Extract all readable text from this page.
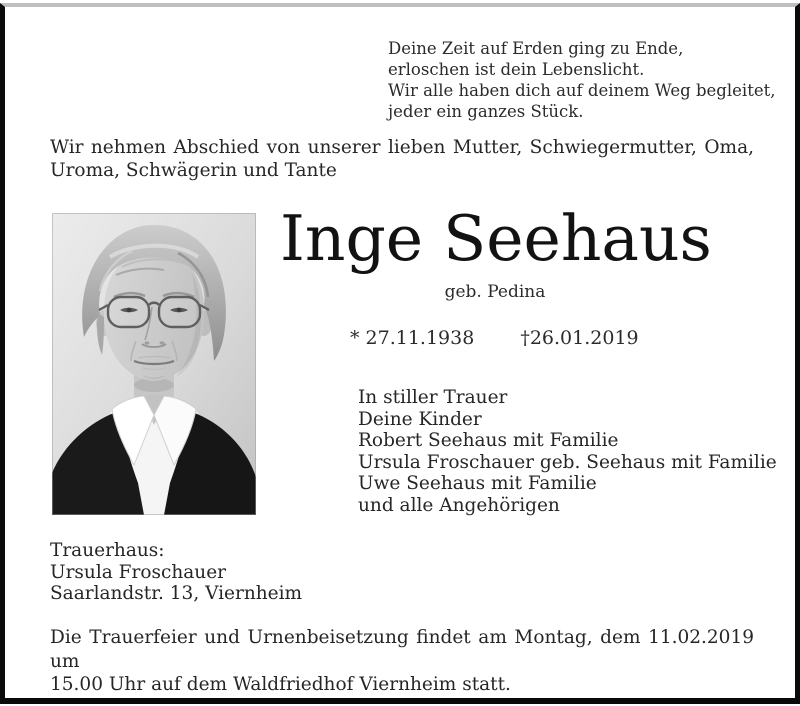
Deine Zeit auf Erden ging zu Ende,
erloschen ist dein Lebenslicht.
Wir alle haben dich auf deinem Weg begleitet,
jeder ein ganzes Stück.
Wir nehmen Abschied von unserer lieben Mutter, Schwiegermutter, Oma,
Uroma, Schwägerin und Tante
Inge Seehaus
geb. Pedina
* 27.11.1938 †26.01.2019
In stiller Trauer
Deine Kinder
Robert Seehaus mit Familie
Ursula Froschauer geb. Seehaus mit Familie
Uwe Seehaus mit Familie
und alle Angehörigen
Trauerhaus:
Ursula Froschauer
Saarlandstr. 13, Viernheim
Die Trauerfeier und Urnenbeisetzung findet am Montag, dem 11.02.2019 um
15.00 Uhr auf dem Waldfriedhof Viernheim statt.
